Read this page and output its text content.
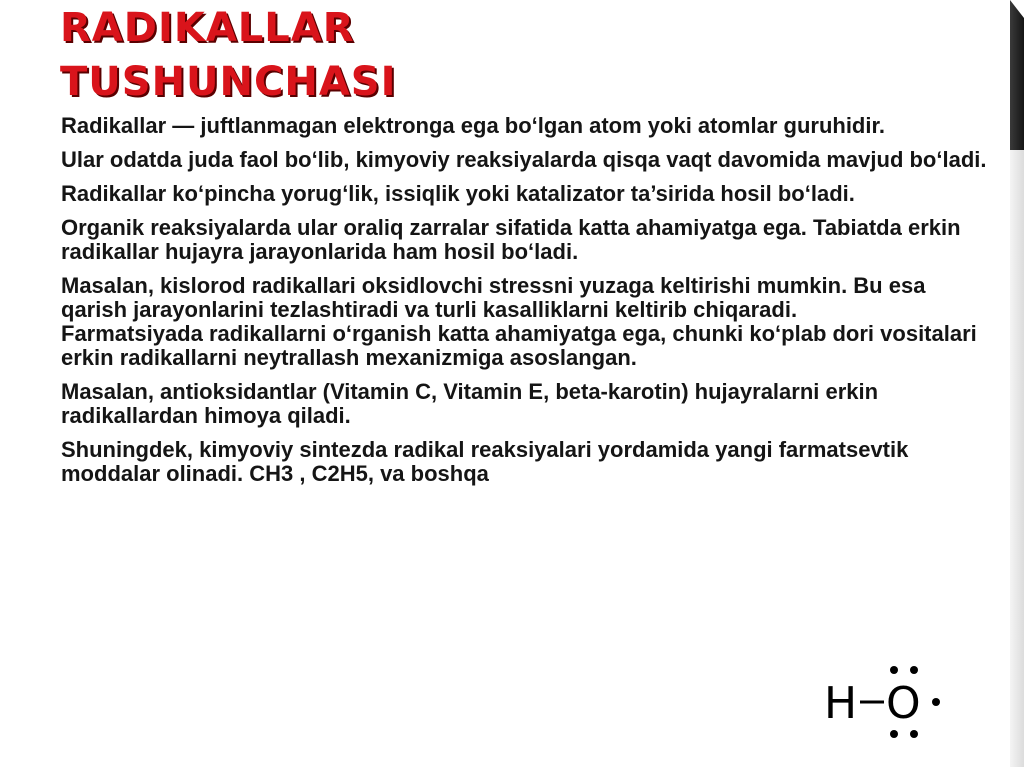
RADIKALLAR
TUSHUNCHASI

Radikallar — juftlanmagan elektronga ega bo‘lgan atom yoki atomlar guruhidir.

Ular odatda juda faol bo‘lib, kimyoviy reaksiyalarda qisqa vaqt davomida mavjud bo‘ladi.

Radikallar ko‘pincha yorug‘lik, issiqlik yoki katalizator ta’sirida hosil bo‘ladi.

Organik reaksiyalarda ular oraliq zarralar sifatida katta ahamiyatga ega. Tabiatda erkin radikallar hujayra jarayonlarida ham hosil bo‘ladi.

Masalan, kislorod radikallari oksidlovchi stressni yuzaga keltirishi mumkin. Bu esa qarish jarayonlarini tezlashtiradi va turli kasalliklarni keltirib chiqaradi.

Farmatsiyada radikallarni o‘rganish katta ahamiyatga ega, chunki ko‘plab dori vositalari erkin radikallarni neytrallash mexanizmiga asoslangan.

Masalan, antioksidantlar (Vitamin C, Vitamin E, beta-karotin) hujayralarni erkin radikallardan himoya qiladi.

Shuningdek, kimyoviy sintezda radikal reaksiyalari yordamida yangi farmatsevtik moddalar olinadi. CH3 , C2H5, va boshqa

H O
